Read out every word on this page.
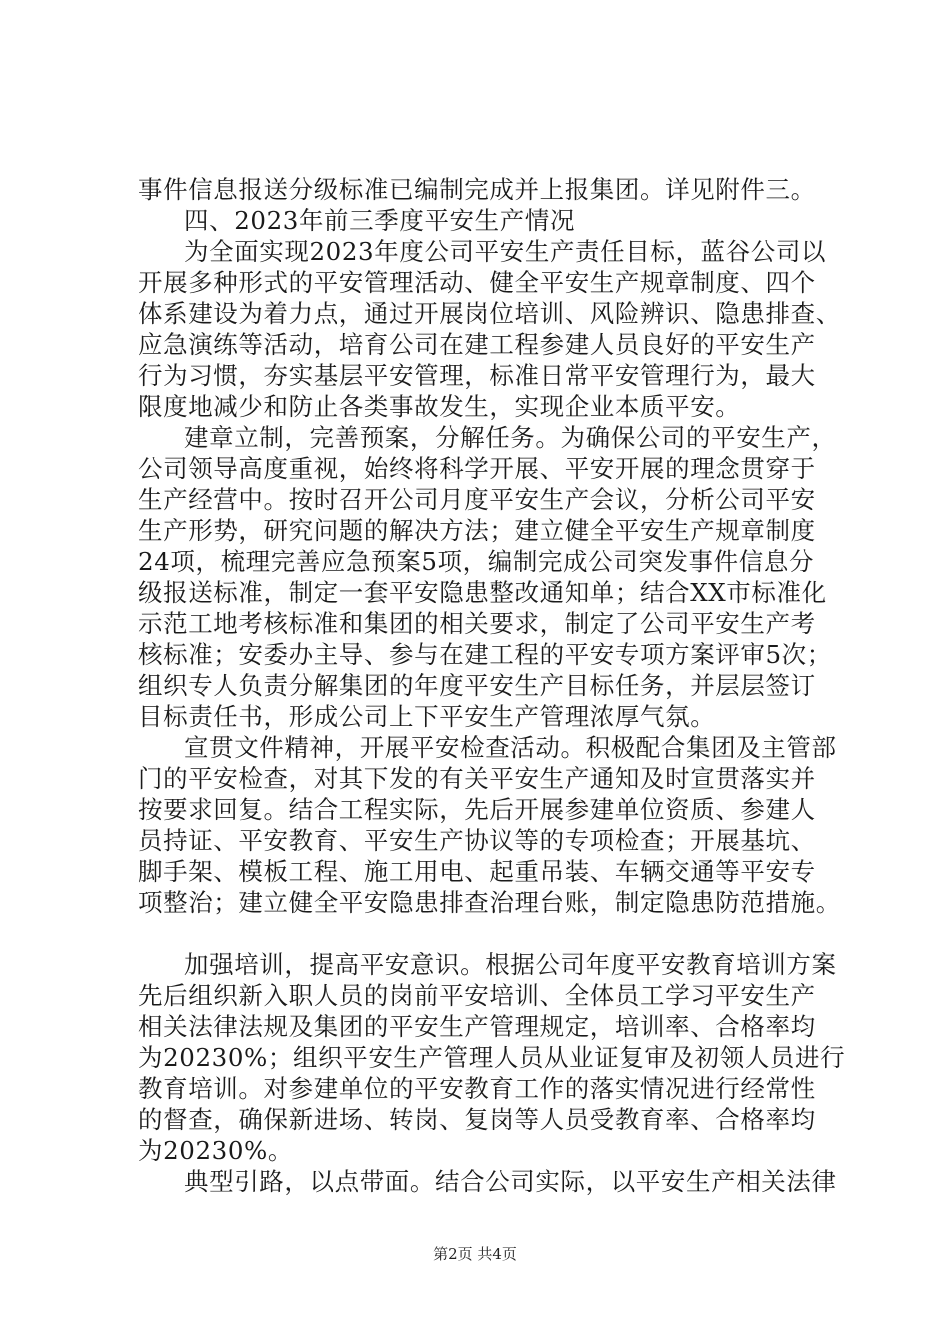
事件信息报送分级标准已编制完成并上报集团。详见附件三。
四、2023年前三季度平安生产情况
为全面实现2023年度公司平安生产责任目标，蓝谷公司以
开展多种形式的平安管理活动、健全平安生产规章制度、四个
体系建设为着力点，通过开展岗位培训、风险辨识、隐患排查、
应急演练等活动，培育公司在建工程参建人员良好的平安生产
行为习惯，夯实基层平安管理，标准日常平安管理行为，最大
限度地减少和防止各类事故发生，实现企业本质平安。
建章立制，完善预案，分解任务。为确保公司的平安生产，
公司领导高度重视，始终将科学开展、平安开展的理念贯穿于
生产经营中。按时召开公司月度平安生产会议，分析公司平安
生产形势，研究问题的解决方法；建立健全平安生产规章制度
24项，梳理完善应急预案5项，编制完成公司突发事件信息分
级报送标准，制定一套平安隐患整改通知单；结合XX市标准化
示范工地考核标准和集团的相关要求，制定了公司平安生产考
核标准；安委办主导、参与在建工程的平安专项方案评审5次；
组织专人负责分解集团的年度平安生产目标任务，并层层签订
目标责任书，形成公司上下平安生产管理浓厚气氛。
宣贯文件精神，开展平安检查活动。积极配合集团及主管部
门的平安检查，对其下发的有关平安生产通知及时宣贯落实并
按要求回复。结合工程实际，先后开展参建单位资质、参建人
员持证、平安教育、平安生产协议等的专项检查；开展基坑、
脚手架、模板工程、施工用电、起重吊装、车辆交通等平安专
项整治；建立健全平安隐患排查治理台账，制定隐患防范措施。
加强培训，提高平安意识。根据公司年度平安教育培训方案
先后组织新入职人员的岗前平安培训、全体员工学习平安生产
相关法律法规及集团的平安生产管理规定，培训率、合格率均
为20230%；组织平安生产管理人员从业证复审及初领人员进行
教育培训。对参建单位的平安教育工作的落实情况进行经常性
的督查，确保新进场、转岗、复岗等人员受教育率、合格率均
为20230%。
典型引路，以点带面。结合公司实际，以平安生产相关法律
第2页 共4页
